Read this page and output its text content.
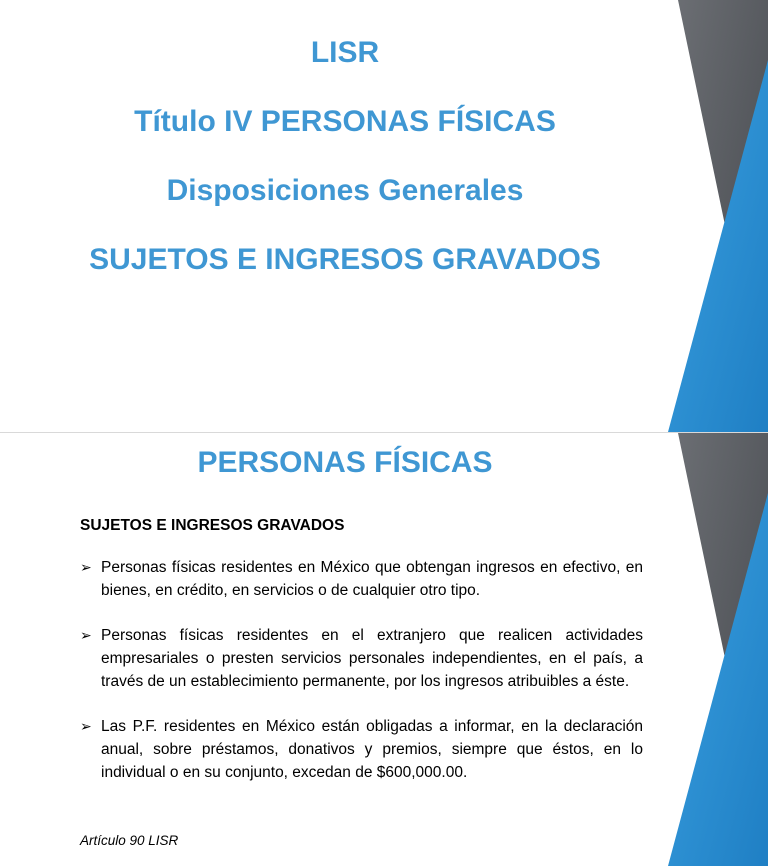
LISR
Título IV PERSONAS FÍSICAS
Disposiciones Generales
SUJETOS E INGRESOS GRAVADOS
PERSONAS FÍSICAS

SUJETOS E INGRESOS GRAVADOS

➢ Personas físicas residentes en México que obtengan ingresos en efectivo, en bienes, en crédito, en servicios o de cualquier otro tipo.
➢ Personas físicas residentes en el extranjero que realicen actividades empresariales o presten servicios personales independientes, en el país, a través de un establecimiento permanente, por los ingresos atribuibles a éste.
➢ Las P.F. residentes en México están obligadas a informar, en la declaración anual, sobre préstamos, donativos y premios, siempre que éstos, en lo individual o en su conjunto, excedan de $600,000.00.

Artículo 90 LISR
